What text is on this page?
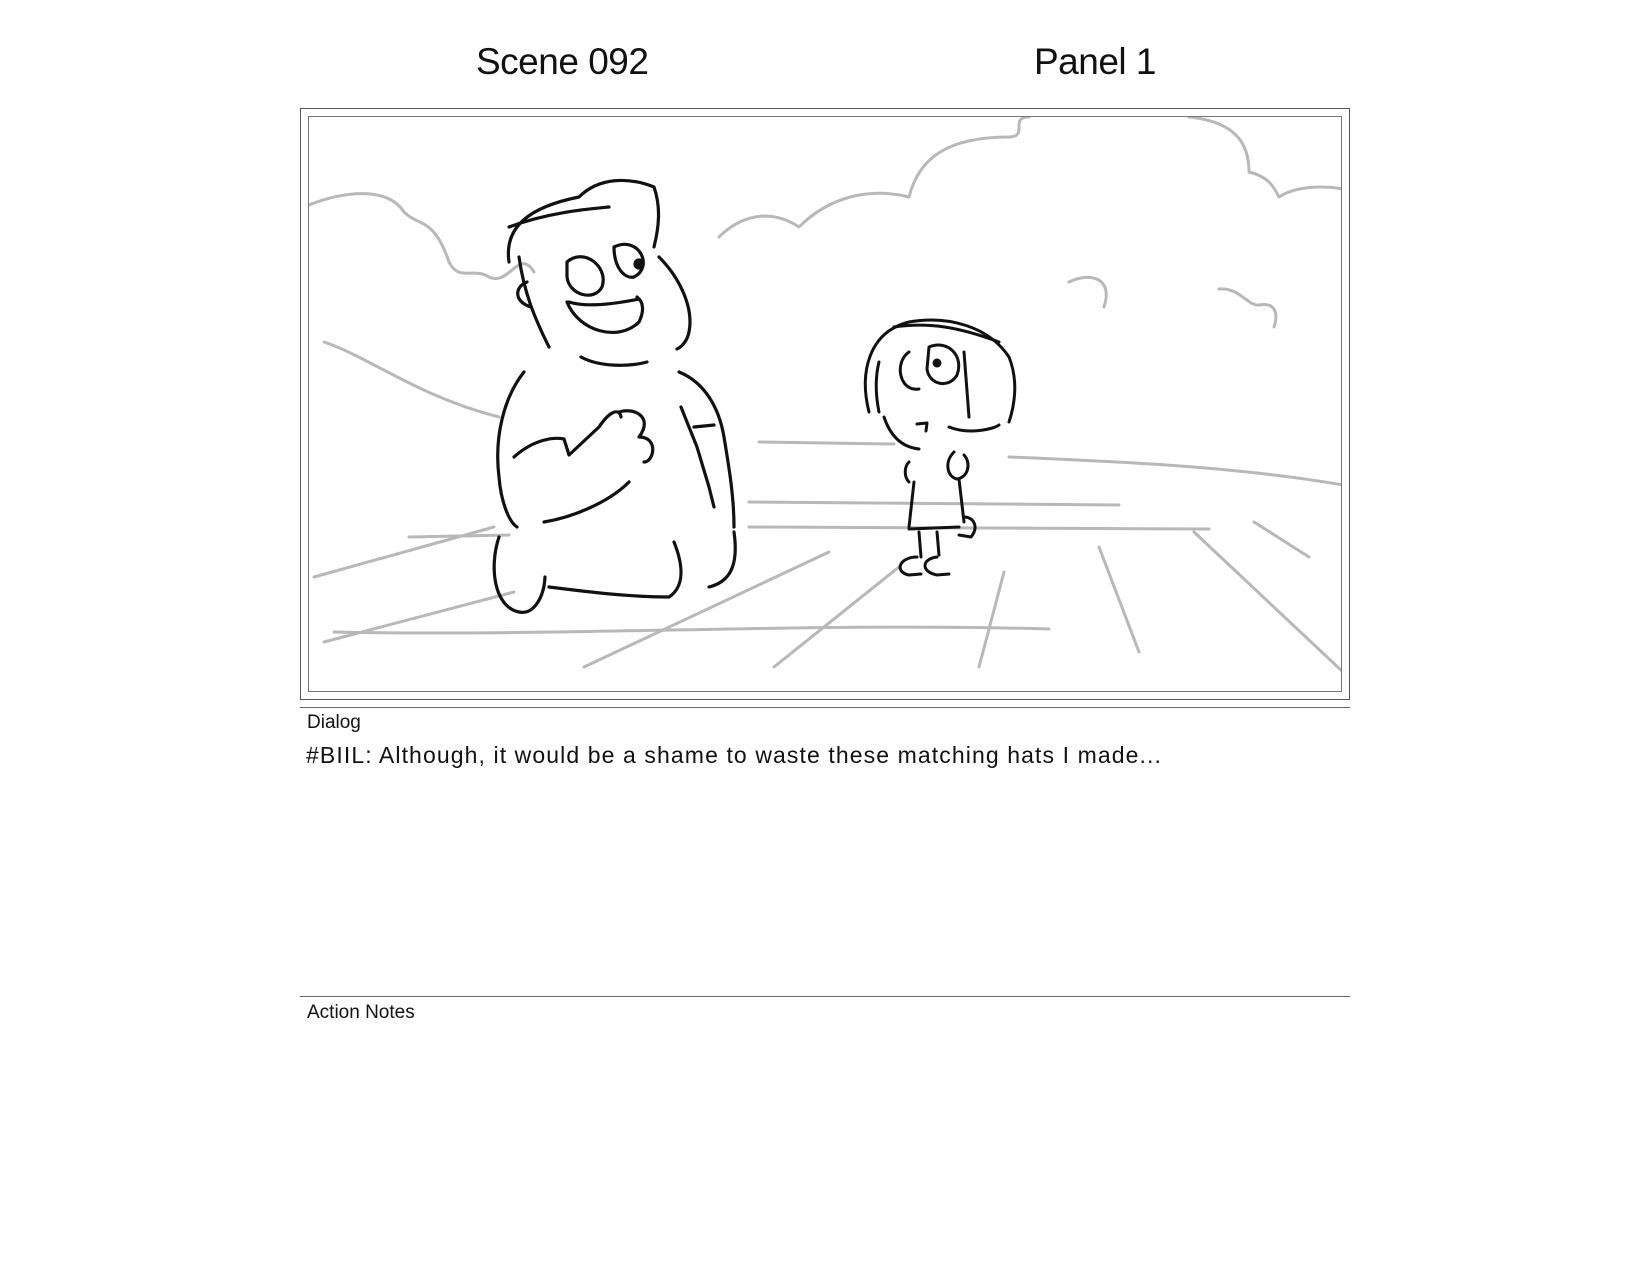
Scene 092	Panel 1
Dialog
#BIIL: Although, it would be a shame to waste these matching hats I made...
Action Notes
